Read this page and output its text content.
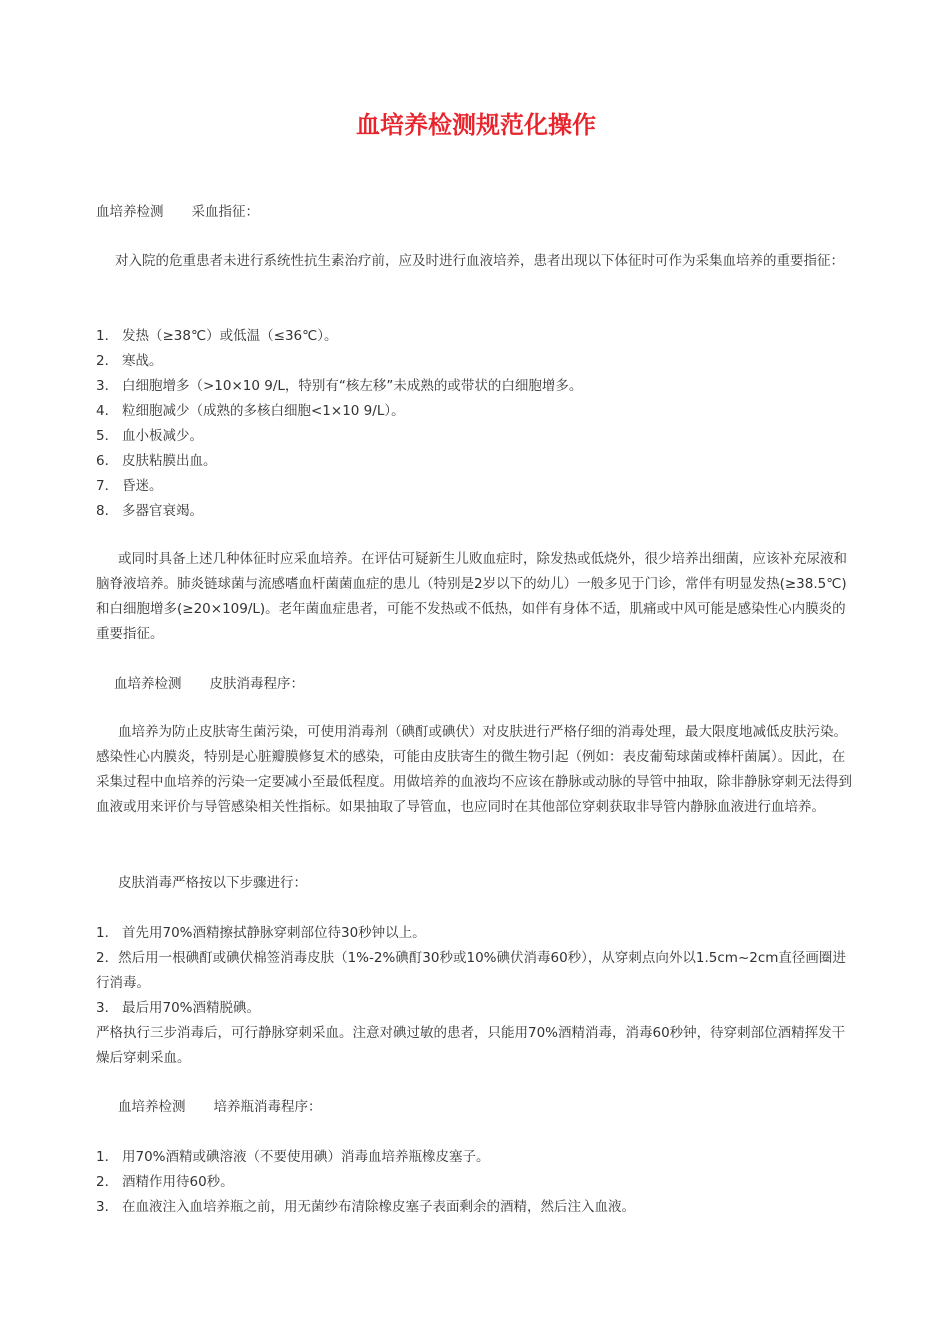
血培养检测规范化操作

血培养检测 采血指征：

对入院的危重患者未进行系统性抗生素治疗前，应及时进行血液培养，患者出现以下体征时可作为采集血培养的重要指征：

1． 发热（≥38℃）或低温（≤36℃）。
2． 寒战。
3． 白细胞增多（>10×10 9/L，特别有“核左移”未成熟的或带状的白细胞增多。
4． 粒细胞减少（成熟的多核白细胞<1×10 9/L）。
5． 血小板减少。
6． 皮肤粘膜出血。
7． 昏迷。
8． 多器官衰竭。

或同时具备上述几种体征时应采血培养。在评估可疑新生儿败血症时，除发热或低烧外，很少培养出细菌，应该补充尿液和脑脊液培养。肺炎链球菌与流感嗜血杆菌菌血症的患儿（特别是2岁以下的幼儿）一般多见于门诊，常伴有明显发热(≥38.5℃)和白细胞增多(≥20×109/L)。老年菌血症患者，可能不发热或不低热，如伴有身体不适，肌痛或中风可能是感染性心内膜炎的重要指征。

血培养检测 皮肤消毒程序：

血培养为防止皮肤寄生菌污染，可使用消毒剂（碘酊或碘伏）对皮肤进行严格仔细的消毒处理，最大限度地减低皮肤污染。感染性心内膜炎，特别是心脏瓣膜修复术的感染，可能由皮肤寄生的微生物引起（例如：表皮葡萄球菌或棒杆菌属）。因此，在采集过程中血培养的污染一定要减小至最低程度。用做培养的血液均不应该在静脉或动脉的导管中抽取，除非静脉穿刺无法得到血液或用来评价与导管感染相关性指标。如果抽取了导管血，也应同时在其他部位穿刺获取非导管内静脉血液进行血培养。

皮肤消毒严格按以下步骤进行：

1． 首先用70%酒精擦拭静脉穿刺部位待30秒钟以上。
2．然后用一根碘酊或碘伏棉签消毒皮肤（1%-2%碘酊30秒或10%碘伏消毒60秒），从穿刺点向外以1.5cm~2cm直径画圈进行消毒。
3． 最后用70%酒精脱碘。
严格执行三步消毒后，可行静脉穿刺采血。注意对碘过敏的患者，只能用70%酒精消毒，消毒60秒钟，待穿刺部位酒精挥发干燥后穿刺采血。

血培养检测 培养瓶消毒程序：

1． 用70%酒精或碘溶液（不要使用碘）消毒血培养瓶橡皮塞子。
2． 酒精作用待60秒。
3． 在血液注入血培养瓶之前，用无菌纱布清除橡皮塞子表面剩余的酒精，然后注入血液。
